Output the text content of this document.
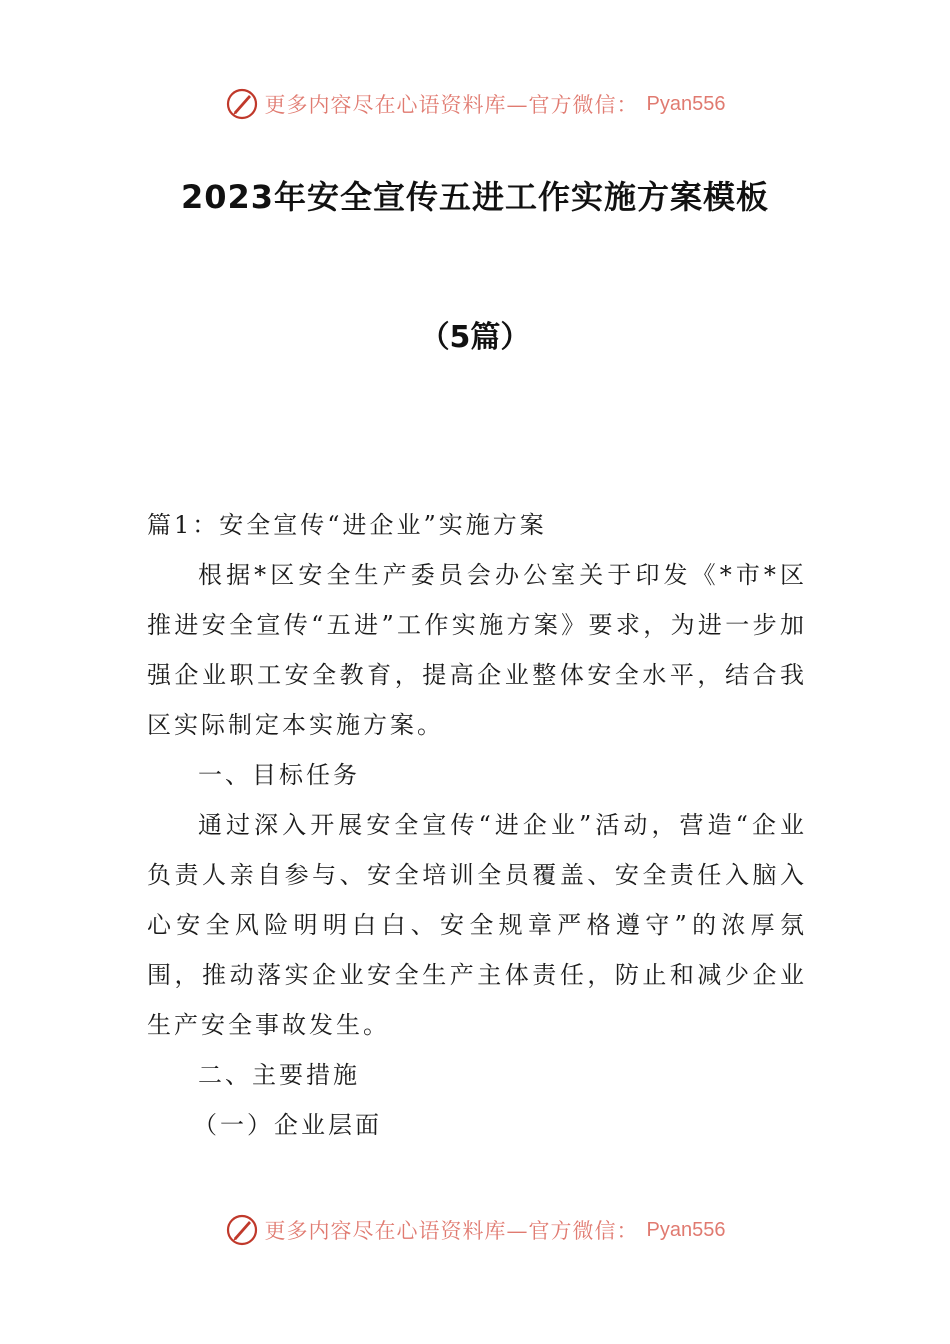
更多内容尽在心语资料库—官方微信： Pyan556
2023年安全宣传五进工作实施方案模板
（5篇）

篇1：安全宣传“进企业”实施方案

根据*区安全生产委员会办公室关于印发《*市*区推进安全宣传“五进”工作实施方案》要求，为进一步加强企业职工安全教育，提高企业整体安全水平，结合我区实际制定本实施方案。

一、目标任务

通过深入开展安全宣传“进企业”活动，营造“企业负责人亲自参与、安全培训全员覆盖、安全责任入脑入心安全风险明明白白、安全规章严格遵守”的浓厚氛围，推动落实企业安全生产主体责任，防止和减少企业生产安全事故发生。

二、主要措施

（一）企业层面

更多内容尽在心语资料库—官方微信： Pyan556
